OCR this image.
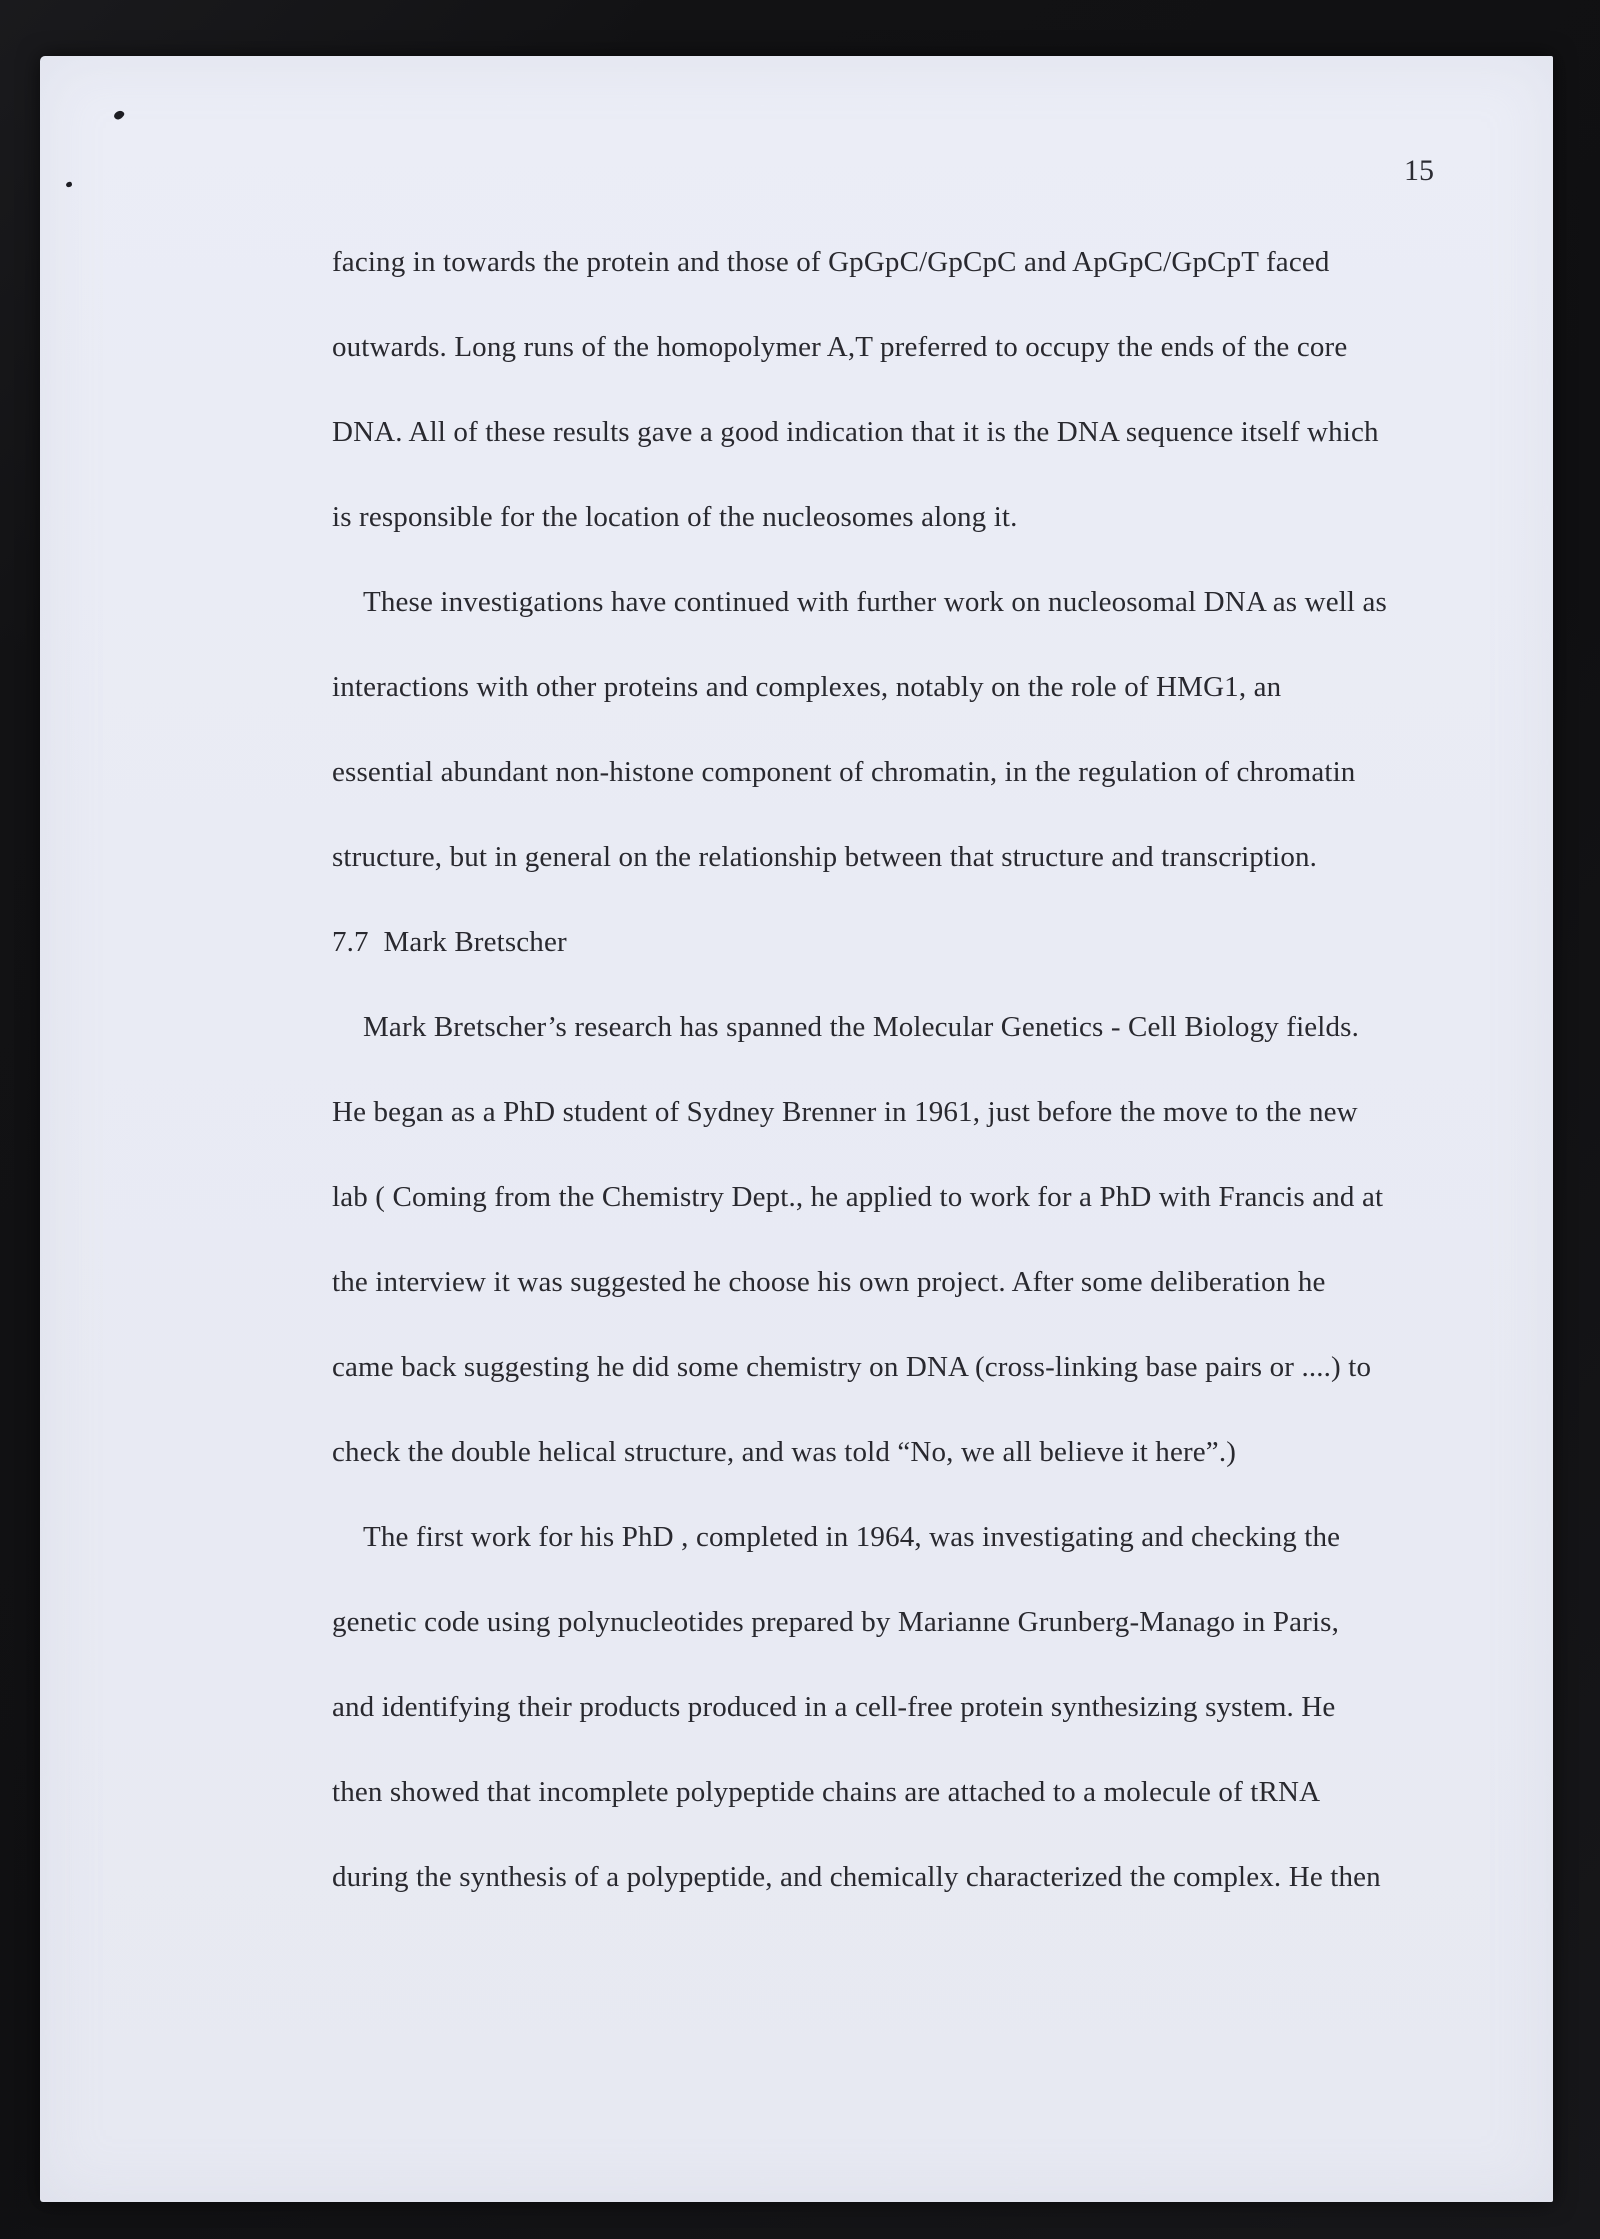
15
facing in towards the protein and those of GpGpC/GpCpC and ApGpC/GpCpT faced
outwards. Long runs of the homopolymer A,T preferred to occupy the ends of the core
DNA. All of these results gave a good indication that it is the DNA sequence itself which
is responsible for the location of the nucleosomes along it.
These investigations have continued with further work on nucleosomal DNA as well as
interactions with other proteins and complexes, notably on the role of HMG1, an
essential abundant non-histone component of chromatin, in the regulation of chromatin
structure, but in general on the relationship between that structure and transcription.
7.7  Mark Bretscher
Mark Bretscher’s research has spanned the Molecular Genetics - Cell Biology fields.
He began as a PhD student of Sydney Brenner in 1961, just before the move to the new
lab ( Coming from the Chemistry Dept., he applied to work for a PhD with Francis and at
the interview it was suggested he choose his own project. After some deliberation he
came back suggesting he did some chemistry on DNA (cross-linking base pairs or ....) to
check the double helical structure, and was told “No, we all believe it here”.)
The first work for his PhD , completed in 1964, was investigating and checking the
genetic code using polynucleotides prepared by Marianne Grunberg-Manago in Paris,
and identifying their products produced in a cell-free protein synthesizing system. He
then showed that incomplete polypeptide chains are attached to a molecule of tRNA
during the synthesis of a polypeptide, and chemically characterized the complex. He then
